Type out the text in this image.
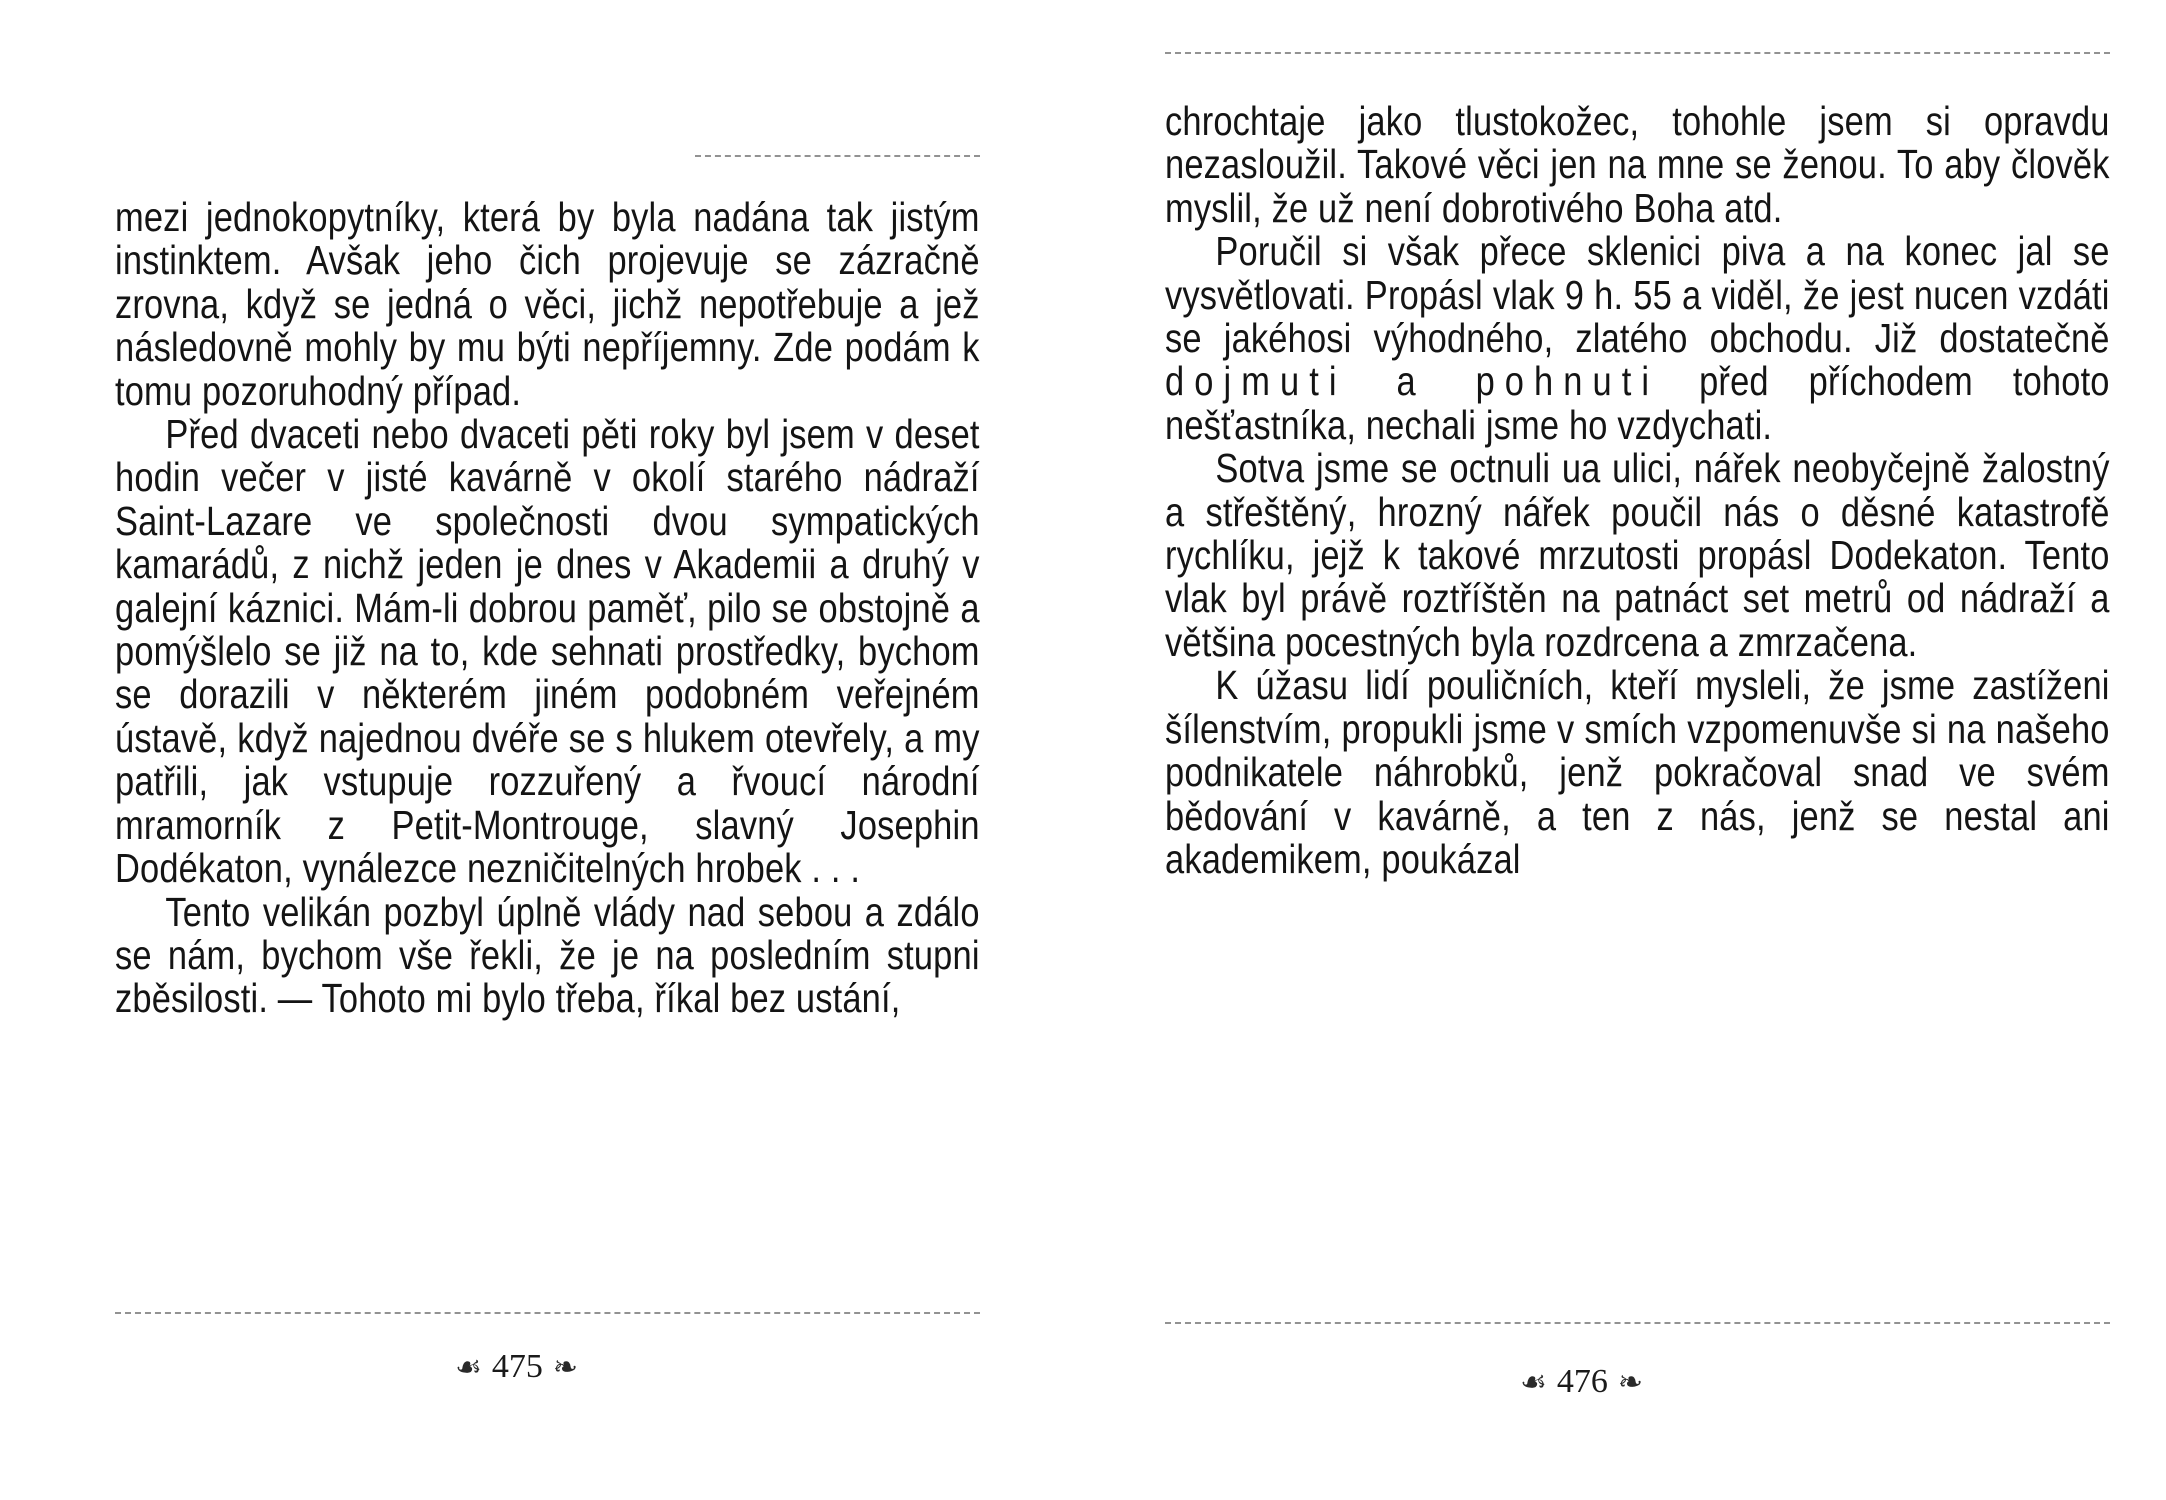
mezi jednokopytníky, která by byla nadána tak jistým instinktem. Avšak jeho čich projevuje se zázračně zrovna, když se jedná o věci, jichž nepotřebuje a jež následovně mohly by mu býti nepříjemny. Zde podám k tomu pozoruhodný případ.

Před dvaceti nebo dvaceti pěti roky byl jsem v deset hodin večer v jisté kavárně v okolí starého nádraží Saint-Lazare ve společnosti dvou sympatických kamarádů, z nichž jeden je dnes v Akademii a druhý v galejní káznici. Mám-li dobrou paměť, pilo se obstojně a pomýšlelo se již na to, kde sehnati prostředky, bychom se dorazili v některém jiném podobném veřejném ústavě, když najednou dvéře se s hlukem otevřely, a my patřili, jak vstupuje rozzuřený a řvoucí národní mramorník z Petit-Montrouge, slavný Josephin Dodékaton, vynálezce nezničitelných hrobek . . .

Tento velikán pozbyl úplně vlády nad sebou a zdálo se nám, bychom vše řekli, že je na posledním stupni zběsilosti. — Tohoto mi bylo třeba, říkal bez ustání,

☙ 475 ❧

chrochtaje jako tlustokožec, tohohle jsem si opravdu nezasloužil. Takové věci jen na mne se ženou. To aby člověk myslil, že už není dobrotivého Boha atd.

Poručil si však přece sklenici piva a na konec jal se vysvětlovati. Propásl vlak 9 h. 55 a viděl, že jest nucen vzdáti se jakéhosi výhodného, zlatého obchodu. Již dostatečně dojmuti a pohnuti před příchodem tohoto nešťastníka, nechali jsme ho vzdychati.

Sotva jsme se octnuli ua ulici, nářek neobyčejně žalostný a střeštěný, hrozný nářek poučil nás o děsné katastrofě rychlíku, jejž k takové mrzutosti propásl Dodekaton. Tento vlak byl právě roztříštěn na patnáct set metrů od nádraží a většina pocestných byla rozdrcena a zmrzačena.

K úžasu lidí pouličních, kteří mysleli, že jsme zastíženi šílenstvím, propukli jsme v smích vzpomenuvše si na našeho podnikatele náhrobků, jenž pokračoval snad ve svém bědování v kavárně, a ten z nás, jenž se nestal ani akademikem, poukázal

☙ 476 ❧
